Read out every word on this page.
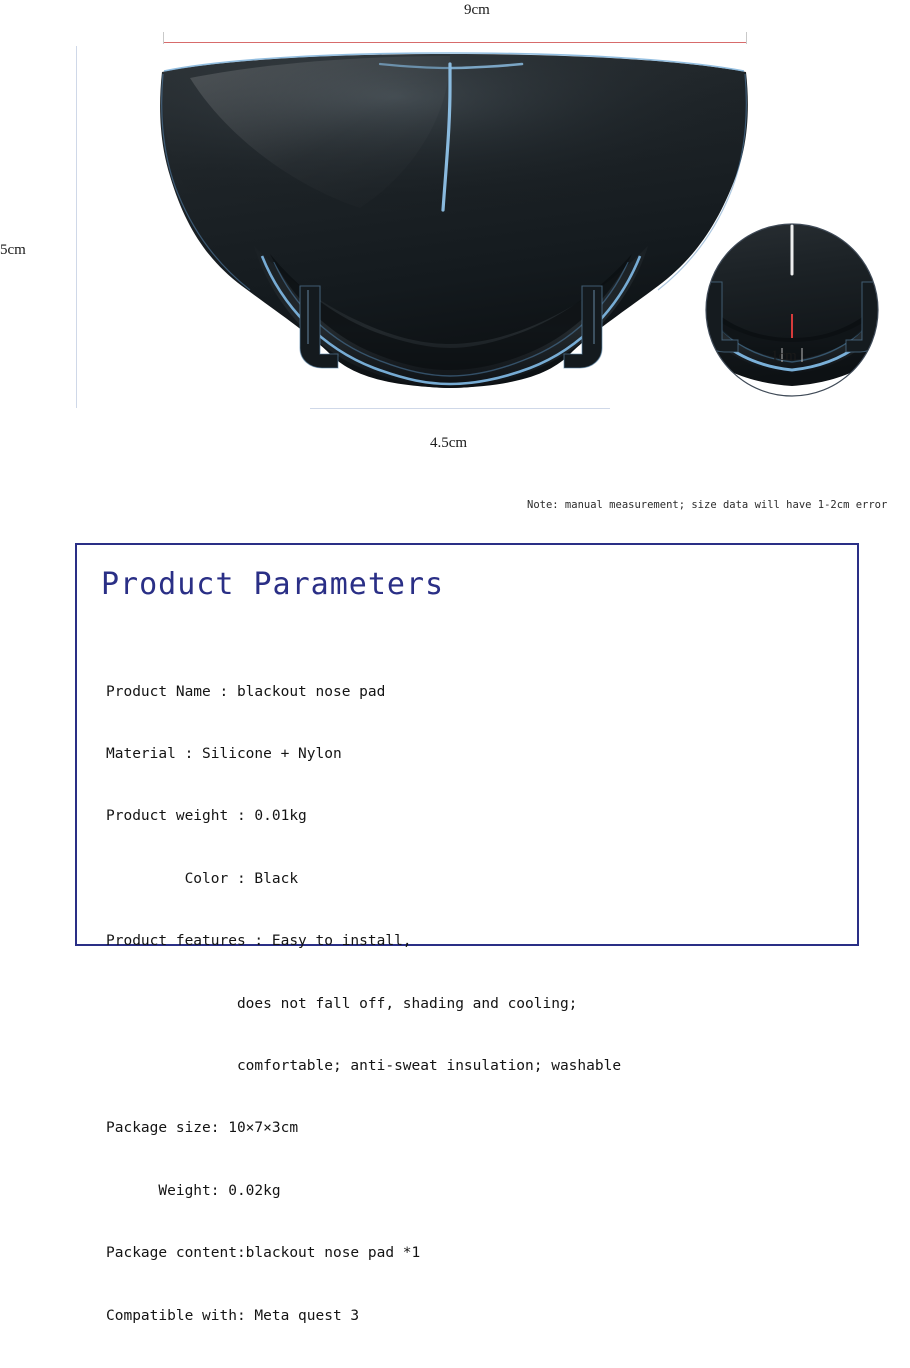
9cm
5cm
4.5cm
1cm
Note: manual measurement; size data will have 1-2cm error
Product Parameters

Product Name : blackout nose pad

Material : Silicone + Nylon

Product weight : 0.01kg

Color : Black

Product features : Easy to install,

does not fall off, shading and cooling;

comfortable; anti-sweat insulation; washable

Package size: 10×7×3cm

Weight: 0.02kg

Package content:blackout nose pad *1

Compatible with: Meta quest 3
